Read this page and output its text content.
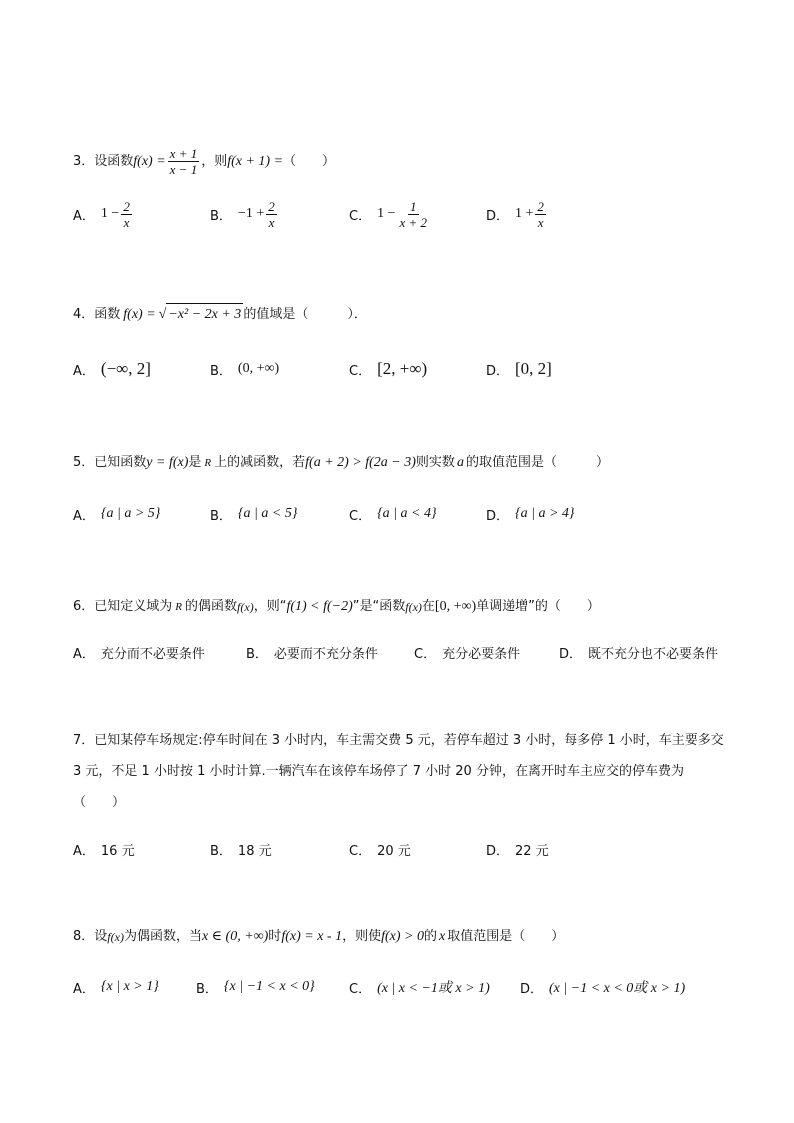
3．设函数 $f(x) = \frac{x + 1}{x - 1}$ ，则 f(x + 1) = （　　）
A． $1 - \frac{2}{x}$	B． $-1 + \frac{2}{x}$	C． $1 - \frac{1}{x + 2}$	D． $1 + \frac{2}{x}$
4．函数 f(x) = √ −x² − 2x + 3 的值域是（　　　）．
A． (−∞, 2]	B． (0, +∞)	C． [2, +∞)	D． [0, 2]
5．已知函数 y = f(x) 是 R 上的减函数，若 f(a + 2) > f(2a − 3) 则实数 a 的取值范围是（　　　）
A． {a | a > 5}	B． {a | a < 5}	C． {a | a < 4}	D． {a | a > 4}
6．已知定义域为 R 的偶函数 f(x) ，则“ f(1) < f(−2) ”是“函数 f(x) 在 [0, +∞) 单调递增”的（　　）
A． 充分而不必要条件	B． 必要而不充分条件	C． 充分必要条件	D． 既不充分也不必要条件
7．已知某停车场规定:停车时间在 3 小时内，车主需交费 5 元，若停车超过 3 小时，每多停 1 小时，车主要多交 3 元，不足 1 小时按 1 小时计算.一辆汽车在该停车场停了 7 小时 20 分钟，在离开时车主应交的停车费为（　　）
A． 16 元	B． 18 元	C． 20 元	D． 22 元
8．设 f(x) 为偶函数，当 x ∈ (0, +∞) 时 f(x) = x - 1 ，则使 f(x) > 0 的 x 取值范围是（　　）
A． {x | x > 1}	B． {x | −1 < x < 0}	C． (x | x < −1或 x > 1) D． (x | −1 < x < 0或 x > 1)
